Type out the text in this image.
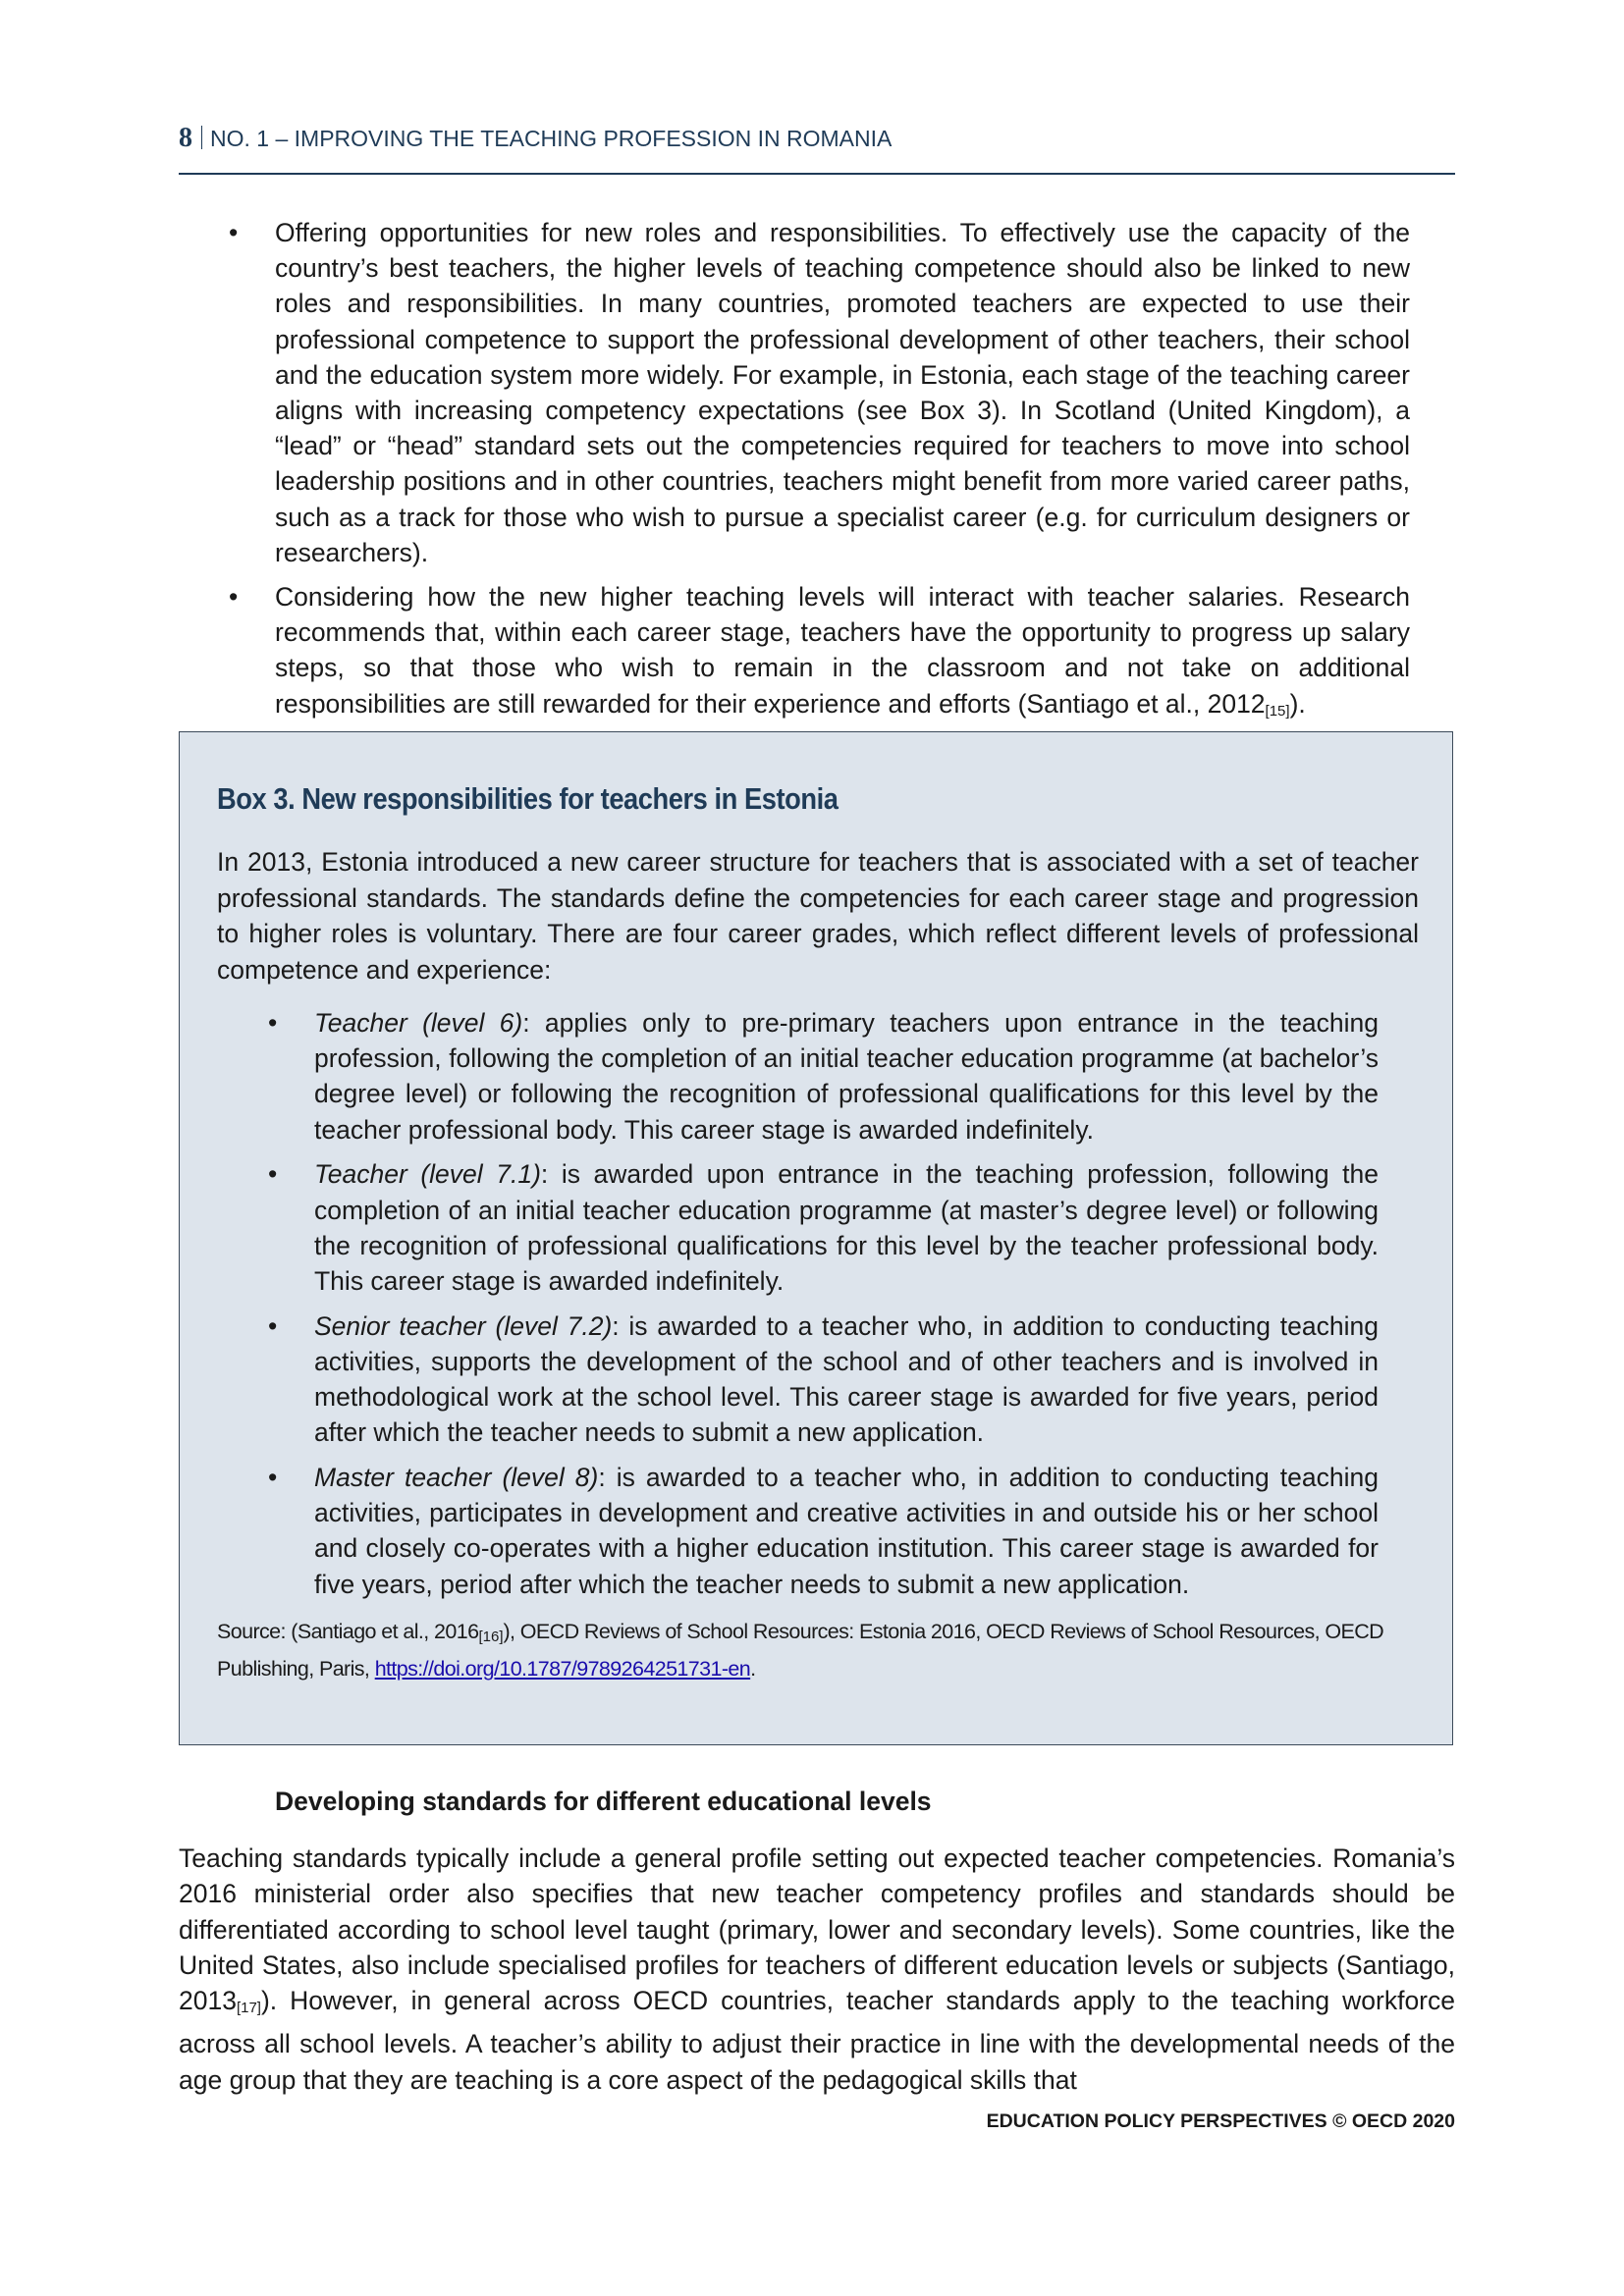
8 NO. 1 – IMPROVING THE TEACHING PROFESSION IN ROMANIA
• Offering opportunities for new roles and responsibilities. To effectively use the capacity of the country’s best teachers, the higher levels of teaching competence should also be linked to new roles and responsibilities. In many countries, promoted teachers are expected to use their professional competence to support the professional development of other teachers, their school and the education system more widely. For example, in Estonia, each stage of the teaching career aligns with increasing competency expectations (see Box 3). In Scotland (United Kingdom), a “lead” or “head” standard sets out the competencies required for teachers to move into school leadership positions and in other countries, teachers might benefit from more varied career paths, such as a track for those who wish to pursue a specialist career (e.g. for curriculum designers or researchers).
• Considering how the new higher teaching levels will interact with teacher salaries. Research recommends that, within each career stage, teachers have the opportunity to progress up salary steps, so that those who wish to remain in the classroom and not take on additional responsibilities are still rewarded for their experience and efforts (Santiago et al., $2012_{[15]}$).
Box 3. New responsibilities for teachers in Estonia

In 2013, Estonia introduced a new career structure for teachers that is associated with a set of teacher professional standards. The standards define the competencies for each career stage and progression to higher roles is voluntary. There are four career grades, which reflect different levels of professional competence and experience:

• Teacher (level 6): applies only to pre-primary teachers upon entrance in the teaching profession, following the completion of an initial teacher education programme (at bachelor’s degree level) or following the recognition of professional qualifications for this level by the teacher professional body. This career stage is awarded indefinitely.
• Teacher (level 7.1): is awarded upon entrance in the teaching profession, following the completion of an initial teacher education programme (at master’s degree level) or following the recognition of professional qualifications for this level by the teacher professional body. This career stage is awarded indefinitely.
• Senior teacher (level 7.2): is awarded to a teacher who, in addition to conducting teaching activities, supports the development of the school and of other teachers and is involved in methodological work at the school level. This career stage is awarded for five years, period after which the teacher needs to submit a new application.
• Master teacher (level 8): is awarded to a teacher who, in addition to conducting teaching activities, participates in development and creative activities in and outside his or her school and closely co-operates with a higher education institution. This career stage is awarded for five years, period after which the teacher needs to submit a new application.

Source: (Santiago et al., $2016_{[16]}$), OECD Reviews of School Resources: Estonia 2016, OECD Reviews of School Resources, OECD Publishing, Paris, https://doi.org/10.1787/9789264251731-en.

Developing standards for different educational levels

Teaching standards typically include a general profile setting out expected teacher competencies. Romania’s 2016 ministerial order also specifies that new teacher competency profiles and standards should be differentiated according to school level taught (primary, lower and secondary levels). Some countries, like the United States, also include specialised profiles for teachers of different education levels or subjects (Santiago, $2013_{[17]}$). However, in general across OECD countries, teacher standards apply to the teaching workforce across all school levels. A teacher’s ability to adjust their practice in line with the developmental needs of the age group that they are teaching is a core aspect of the pedagogical skills that

EDUCATION POLICY PERSPECTIVES © OECD 2020
